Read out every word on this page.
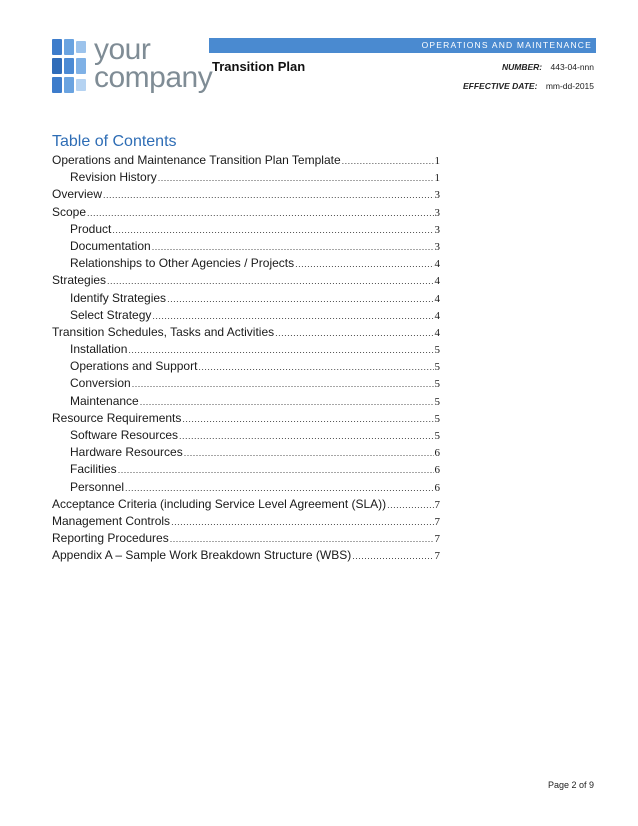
your
company
OPERATIONS AND MAINTENANCE
Transition Plan	NUMBER: 443-04-nnn
EFFECTIVE DATE: mm-dd-2015
Table of Contents
Operations and Maintenance Transition Plan Template .....	1
Revision History .....	1
Overview .....	3
Scope .....	3
Product .....	3
Documentation .....	3
Relationships to Other Agencies / Projects .....	4
Strategies .....	4
Identify Strategies .....	4
Select Strategy .....	4
Transition Schedules, Tasks and Activities .....	4
Installation .....	5
Operations and Support .....	5
Conversion .....	5
Maintenance .....	5
Resource Requirements .....	5
Software Resources .....	5
Hardware Resources .....	6
Facilities .....	6
Personnel .....	6
Acceptance Criteria (including Service Level Agreement (SLA)) .....	7
Management Controls .....	7
Reporting Procedures .....	7
Appendix A – Sample Work Breakdown Structure (WBS) .....	7
Page 2 of 9
